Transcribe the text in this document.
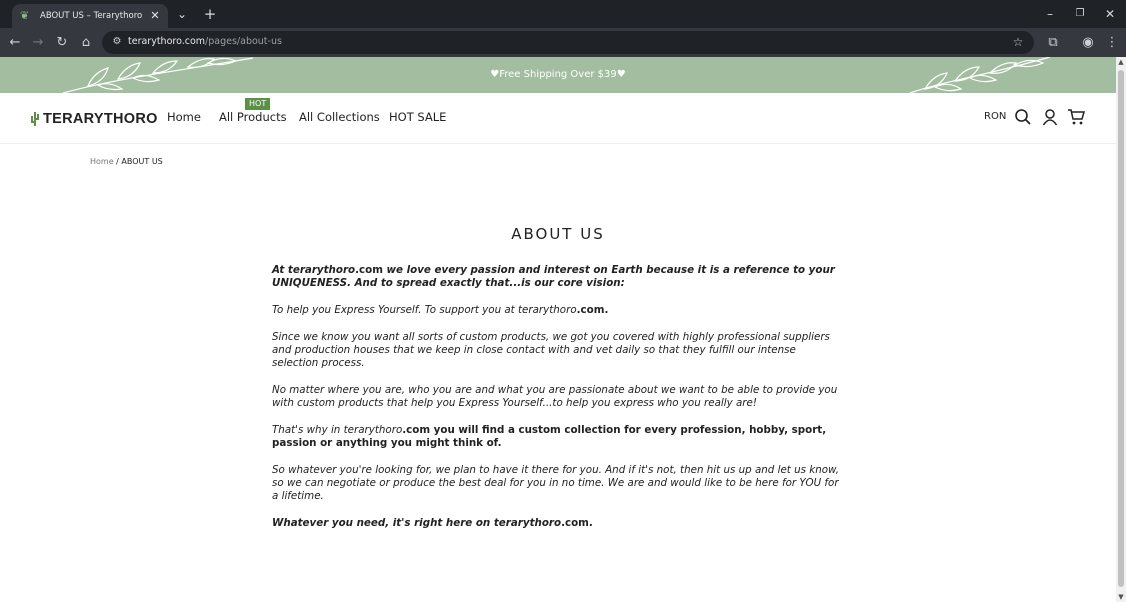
❦	ABOUT US – Terarythoro ✕ ⌄ +	–	❐ ✕
← → ↻	⌂	⚙ terarythoro.com/pages/about-us	☆	⧉	◉ ⋮
♥Free Shipping Over $39♥
▲
▼
TERARYTHORO Home
HOT
All Products All Collections HOT SALE	RON
Home / ABOUT US
ABOUT US

At terarythoro.com we love every passion and interest on Earth because it is a reference to your UNIQUENESS. And to spread exactly that...is our core vision:

To help you Express Yourself. To support you at terarythoro.com.

Since we know you want all sorts of custom products, we got you covered with highly professional suppliers and production houses that we keep in close contact with and vet daily so that they fulfill our intense selection process.

No matter where you are, who you are and what you are passionate about we want to be able to provide you with custom products that help you Express Yourself...to help you express who you really are!

That's why in terarythoro.com you will find a custom collection for every profession, hobby, sport, passion or anything you might think of.

So whatever you're looking for, we plan to have it there for you. And if it's not, then hit us up and let us know, so we can negotiate or produce the best deal for you in no time. We are and would like to be here for YOU for a lifetime.

Whatever you need, it's right here on terarythoro.com.
